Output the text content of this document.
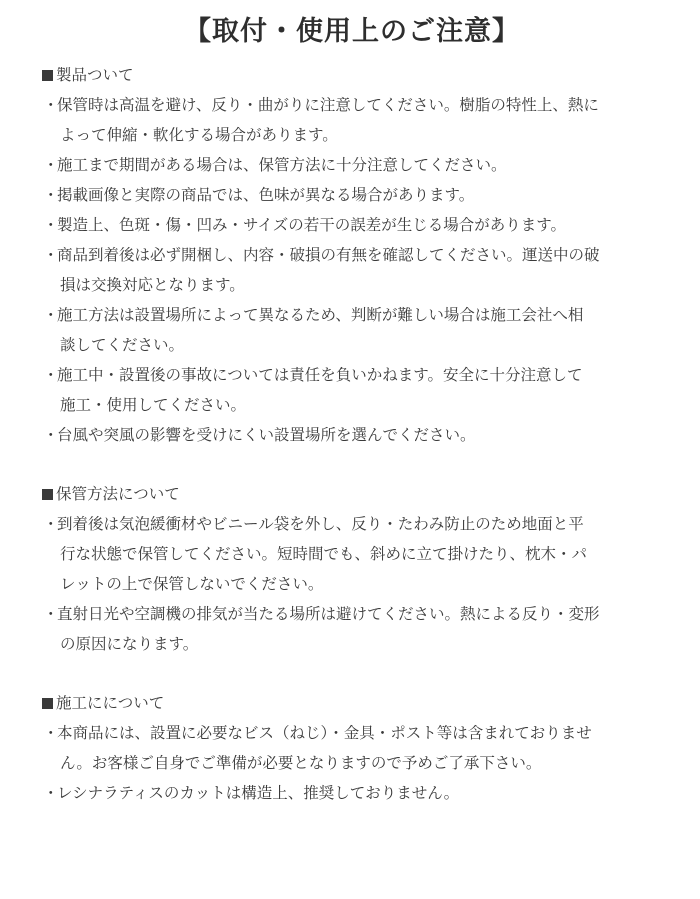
【取付・使用上のご注意】
製品ついて
・
保管時は高温を避け、反り・曲がりに注意してください。樹脂の特性上、熱に
よって伸縮・軟化する場合があります。
・
施工まで期間がある場合は、保管方法に十分注意してください。
・
掲載画像と実際の商品では、色味が異なる場合があります。
・
製造上、色斑・傷・凹み・サイズの若干の誤差が生じる場合があります。
・
商品到着後は必ず開梱し、内容・破損の有無を確認してください。運送中の破
損は交換対応となります。
・
施工方法は設置場所によって異なるため、判断が難しい場合は施工会社へ相
談してください。
・
施工中・設置後の事故については責任を負いかねます。安全に十分注意して
施工・使用してください。
・
台風や突風の影響を受けにくい設置場所を選んでください。
保管方法について
・
到着後は気泡緩衝材やビニール袋を外し、反り・たわみ防止のため地面と平
行な状態で保管してください。短時間でも、斜めに立て掛けたり、枕木・パ
レットの上で保管しないでください。
・
直射日光や空調機の排気が当たる場所は避けてください。熱による反り・変形
の原因になります。
施工にについて
・
本商品には、設置に必要なビス（ねじ）・金具・ポスト等は含まれておりませ
ん。お客様ご自身でご準備が必要となりますので予めご了承下さい。
・
レシナラティスのカットは構造上、推奨しておりません。
